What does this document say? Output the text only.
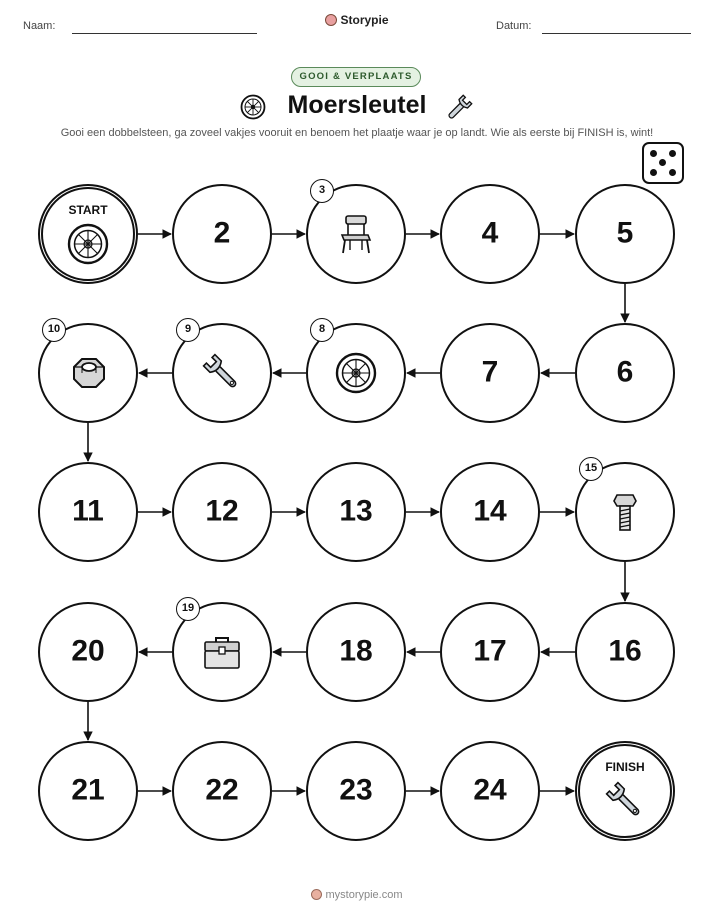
Naam:	Storypie	Datum:
GOOI & VERPLAATS
Moersleutel
Gooi een dobbelsteen, ga zoveel vakjes vooruit en benoem het plaatje waar je op landt. Wie als eerste bij FINISH is, wint!
START
2
3
4	5
6
7
8
9
10
11	12	13	14
15
16
17
18
19
20
21	22	23	24
FINISH
mystorypie.com
